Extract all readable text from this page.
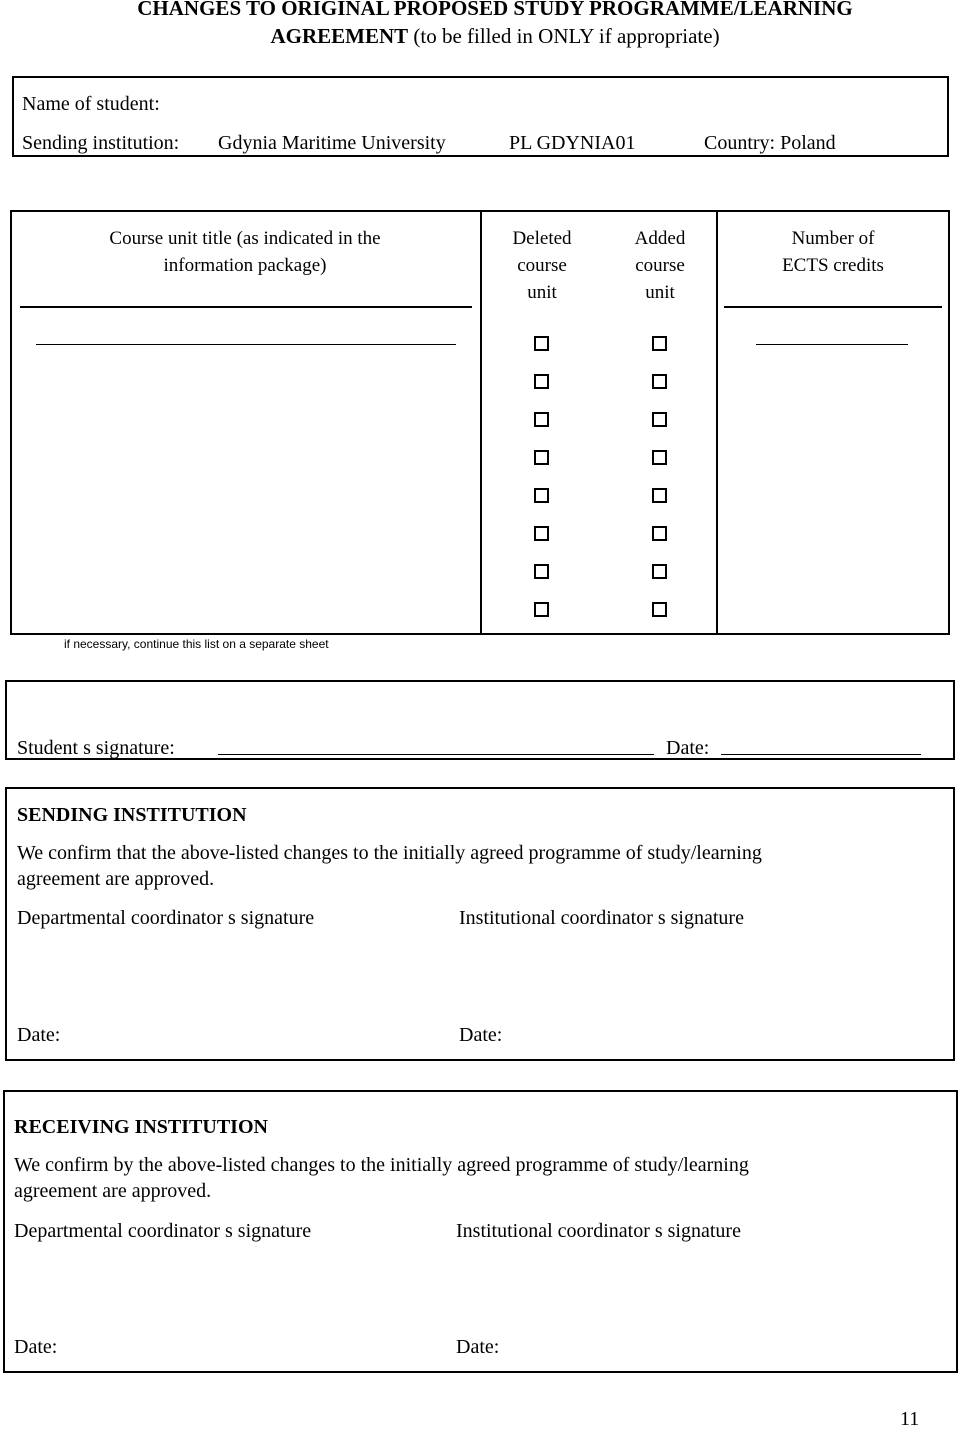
CHANGES TO ORIGINAL PROPOSED STUDY PROGRAMME/LEARNING
AGREEMENT (to be filled in ONLY if appropriate)
Name of student:
Sending institution: Gdynia Maritime University	PL GDYNIA01	Country: Poland
Course unit title (as indicated in the
information package)
Deleted
course
unit
Added
course
unit
Number of
ECTS credits
if necessary, continue this list on a separate sheet
Student s signature:	Date:
SENDING INSTITUTION
We confirm that the above-listed changes to the initially agreed programme of study/learning
agreement are approved.
Departmental coordinator s signature	Institutional coordinator s signature
Date:	Date:
RECEIVING INSTITUTION
We confirm by the above-listed changes to the initially agreed programme of study/learning
agreement are approved.
Departmental coordinator s signature	Institutional coordinator s signature
Date:	Date:
11
